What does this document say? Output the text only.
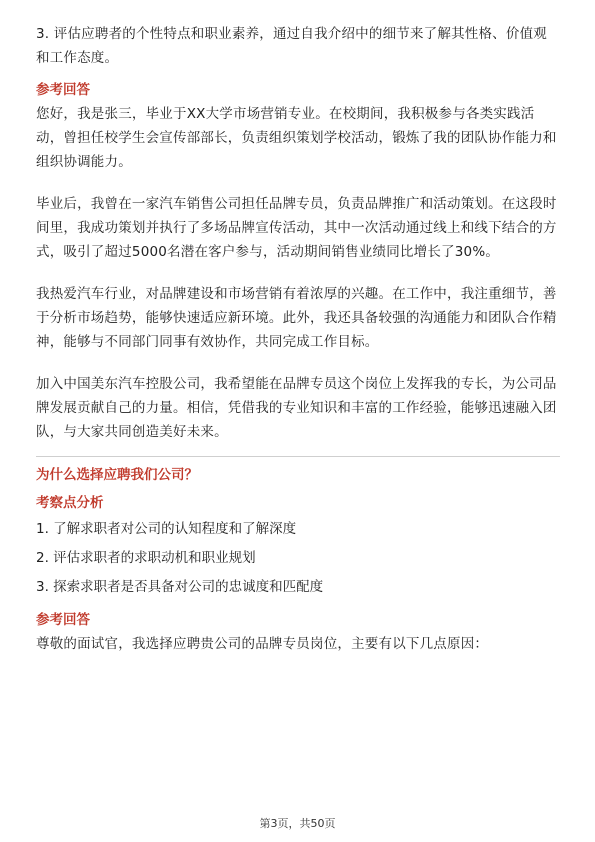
3. 评估应聘者的个性特点和职业素养，通过自我介绍中的细节来了解其性格、价值观和工作态度。

参考回答

您好，我是张三，毕业于XX大学市场营销专业。在校期间，我积极参与各类实践活动，曾担任校学生会宣传部部长，负责组织策划学校活动，锻炼了我的团队协作能力和组织协调能力。

毕业后，我曾在一家汽车销售公司担任品牌专员，负责品牌推广和活动策划。在这段时间里，我成功策划并执行了多场品牌宣传活动，其中一次活动通过线上和线下结合的方式，吸引了超过5000名潜在客户参与，活动期间销售业绩同比增长了30%。

我热爱汽车行业，对品牌建设和市场营销有着浓厚的兴趣。在工作中，我注重细节，善于分析市场趋势，能够快速适应新环境。此外，我还具备较强的沟通能力和团队合作精神，能够与不同部门同事有效协作，共同完成工作目标。

加入中国美东汽车控股公司，我希望能在品牌专员这个岗位上发挥我的专长，为公司品牌发展贡献自己的力量。相信，凭借我的专业知识和丰富的工作经验，能够迅速融入团队，与大家共同创造美好未来。

为什么选择应聘我们公司？

考察点分析

1. 了解求职者对公司的认知程度和了解深度

2. 评估求职者的求职动机和职业规划

3. 探索求职者是否具备对公司的忠诚度和匹配度

参考回答

尊敬的面试官，我选择应聘贵公司的品牌专员岗位，主要有以下几点原因：

第3页，共50页
